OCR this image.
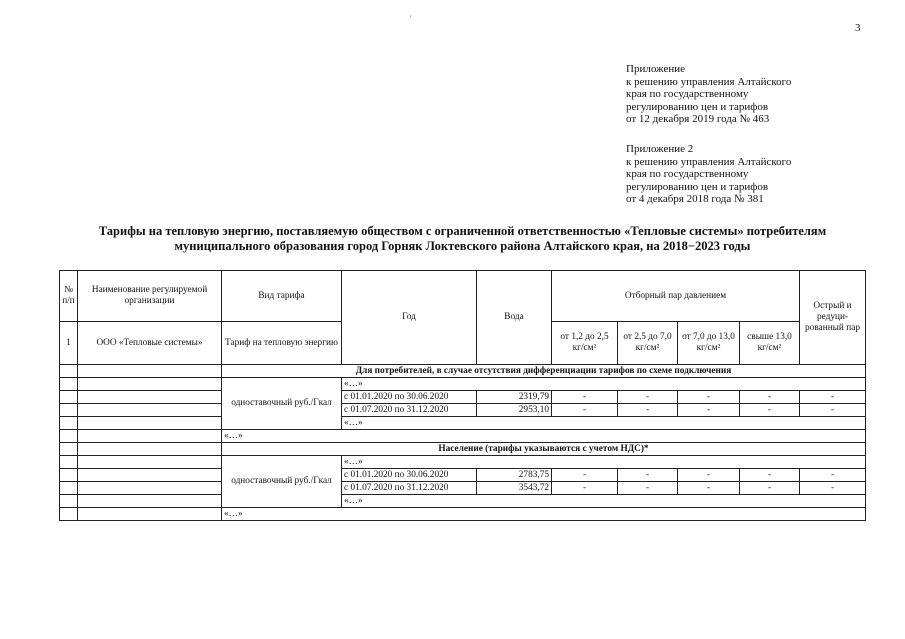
3
'
Приложение
к решению управления Алтайского
края по государственному
регулированию цен и тарифов
от 12 декабря 2019 года № 463
Приложение 2
к решению управления Алтайского
края по государственному
регулированию цен и тарифов
от 4 декабря 2018 года № 381
Тарифы на тепловую энергию, поставляемую обществом с ограниченной ответственностью «Тепловые системы» потребителям
муниципального образования город Горняк Локтевского района Алтайского края, на 2018−2023 годы
№ п/п	Наименование регулируемой организации	Вид тарифа	Год	Вода	Отборный пар давлением				Острый и редуци-рованный пар
1	ООО «Тепловые системы»	Тариф на тепловую энергию			от 1,2 до 2,5 кг/см²	от 2,5 до 7,0 кг/см²	от 7,0 до 13,0 кг/см²	свыше 13,0 кг/см²	
		Для потребителей, в случае отсутствия дифференциации тарифов по схеме подключения							
		одноставочный руб./Гкал	«…»						
			с 01.01.2020 по 30.06.2020	2319,79	-	-	-	-	-
			с 01.07.2020 по 31.12.2020	2953,10	-	-	-	-	-
			«…»						
		«…»							
		Население (тарифы указываются с учетом НДС)*							
		одноставочный руб./Гкал	«…»						
			с 01.01.2020 по 30.06.2020	2783,75	-	-	-	-	-
			с 01.07.2020 по 31.12.2020	3543,72	-	-	-	-	-
			«…»						
		«…»							
